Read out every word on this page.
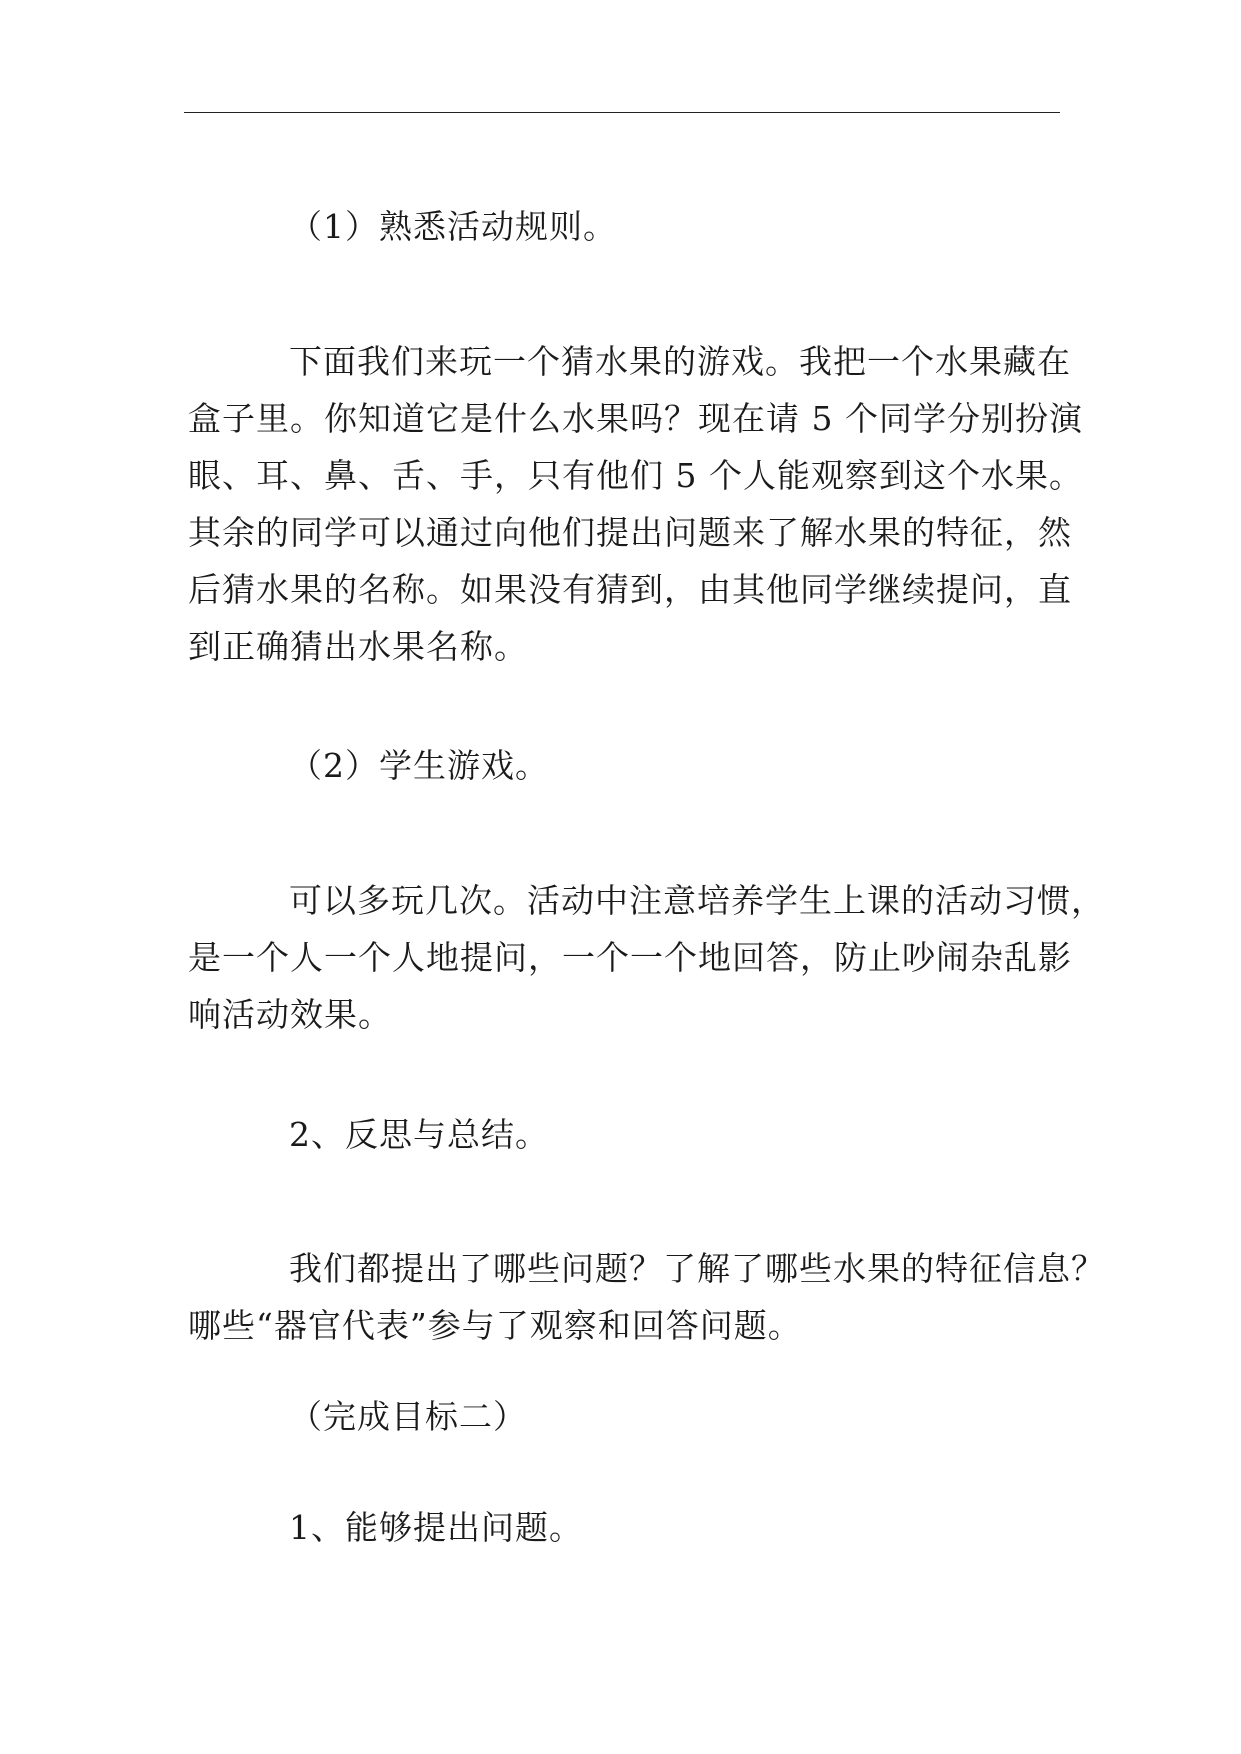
（1）熟悉活动规则。

下面我们来玩一个猜水果的游戏。我把一个水果藏在
盒子里。你知道它是什么水果吗？现在请 5 个同学分别扮演
眼、耳、鼻、舌、手，只有他们 5 个人能观察到这个水果。
其余的同学可以通过向他们提出问题来了解水果的特征，然
后猜水果的名称。如果没有猜到，由其他同学继续提问，直
到正确猜出水果名称。

（2）学生游戏。

可以多玩几次。活动中注意培养学生上课的活动习惯，
是一个人一个人地提问，一个一个地回答，防止吵闹杂乱影
响活动效果。

2、反思与总结。

我们都提出了哪些问题？了解了哪些水果的特征信息？
哪些“器官代表”参与了观察和回答问题。

（完成目标二）

1、能够提出问题。
